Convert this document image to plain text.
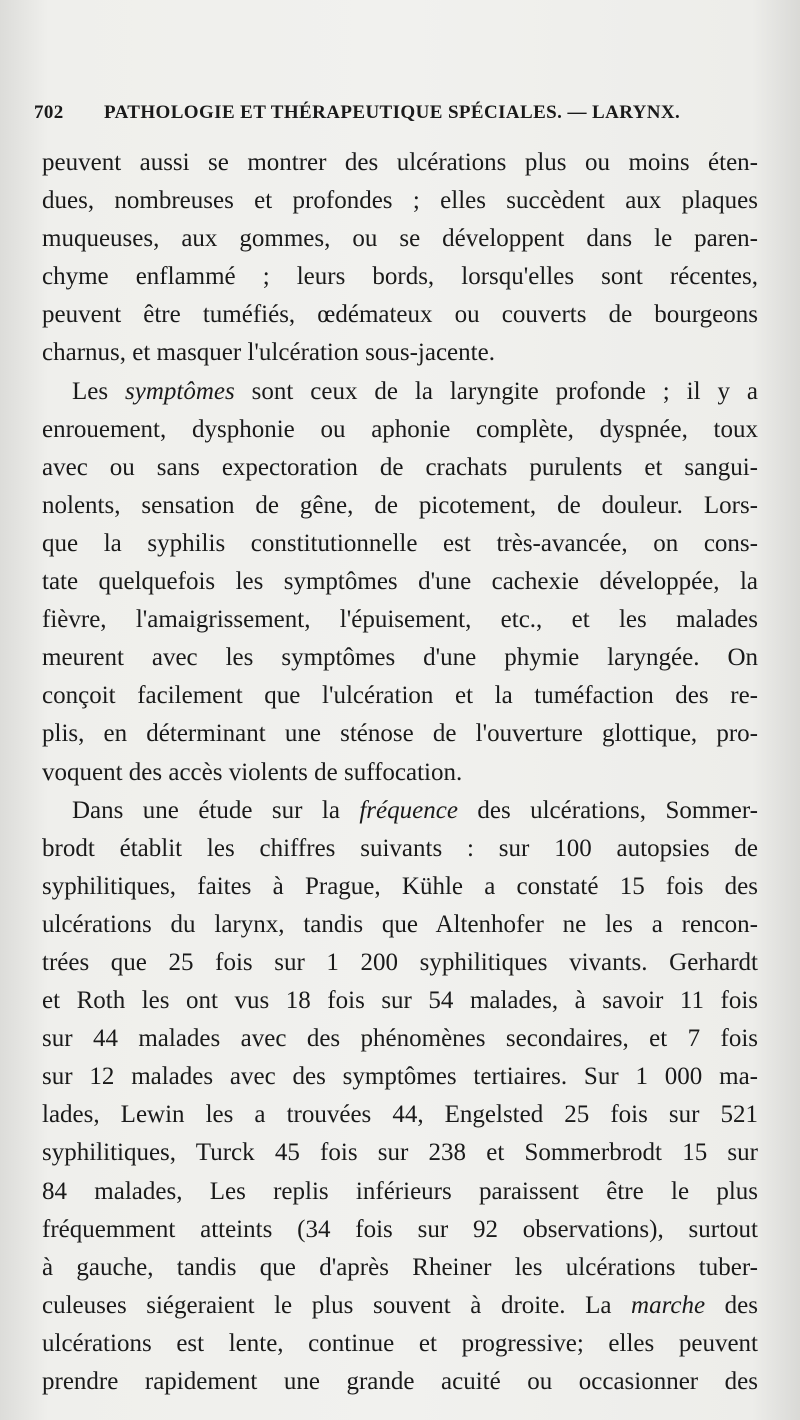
702 PATHOLOGIE ET THÉRAPEUTIQUE SPÉCIALES. — LARYNX.
peuvent aussi se montrer des ulcérations plus ou moins éten-
dues, nombreuses et profondes ; elles succèdent aux plaques
muqueuses, aux gommes, ou se développent dans le paren-
chyme enflammé ; leurs bords, lorsqu'elles sont récentes,
peuvent être tuméfiés, œdémateux ou couverts de bourgeons
charnus, et masquer l'ulcération sous-jacente.
Les symptômes sont ceux de la laryngite profonde ; il y a
enrouement, dysphonie ou aphonie complète, dyspnée, toux
avec ou sans expectoration de crachats purulents et sangui-
nolents, sensation de gêne, de picotement, de douleur. Lors-
que la syphilis constitutionnelle est très-avancée, on cons-
tate quelquefois les symptômes d'une cachexie développée, la
fièvre, l'amaigrissement, l'épuisement, etc., et les malades
meurent avec les symptômes d'une phymie laryngée. On
conçoit facilement que l'ulcération et la tuméfaction des re-
plis, en déterminant une sténose de l'ouverture glottique, pro-
voquent des accès violents de suffocation.
Dans une étude sur la fréquence des ulcérations, Sommer-
brodt établit les chiffres suivants : sur 100 autopsies de
syphilitiques, faites à Prague, Kühle a constaté 15 fois des
ulcérations du larynx, tandis que Altenhofer ne les a rencon-
trées que 25 fois sur 1 200 syphilitiques vivants. Gerhardt
et Roth les ont vus 18 fois sur 54 malades, à savoir 11 fois
sur 44 malades avec des phénomènes secondaires, et 7 fois
sur 12 malades avec des symptômes tertiaires. Sur 1 000 ma-
lades, Lewin les a trouvées 44, Engelsted 25 fois sur 521
syphilitiques, Turck 45 fois sur 238 et Sommerbrodt 15 sur
84 malades, Les replis inférieurs paraissent être le plus
fréquemment atteints (34 fois sur 92 observations), surtout
à gauche, tandis que d'après Rheiner les ulcérations tuber-
culeuses siégeraient le plus souvent à droite. La marche des
ulcérations est lente, continue et progressive; elles peuvent
prendre rapidement une grande acuité ou occasionner des
